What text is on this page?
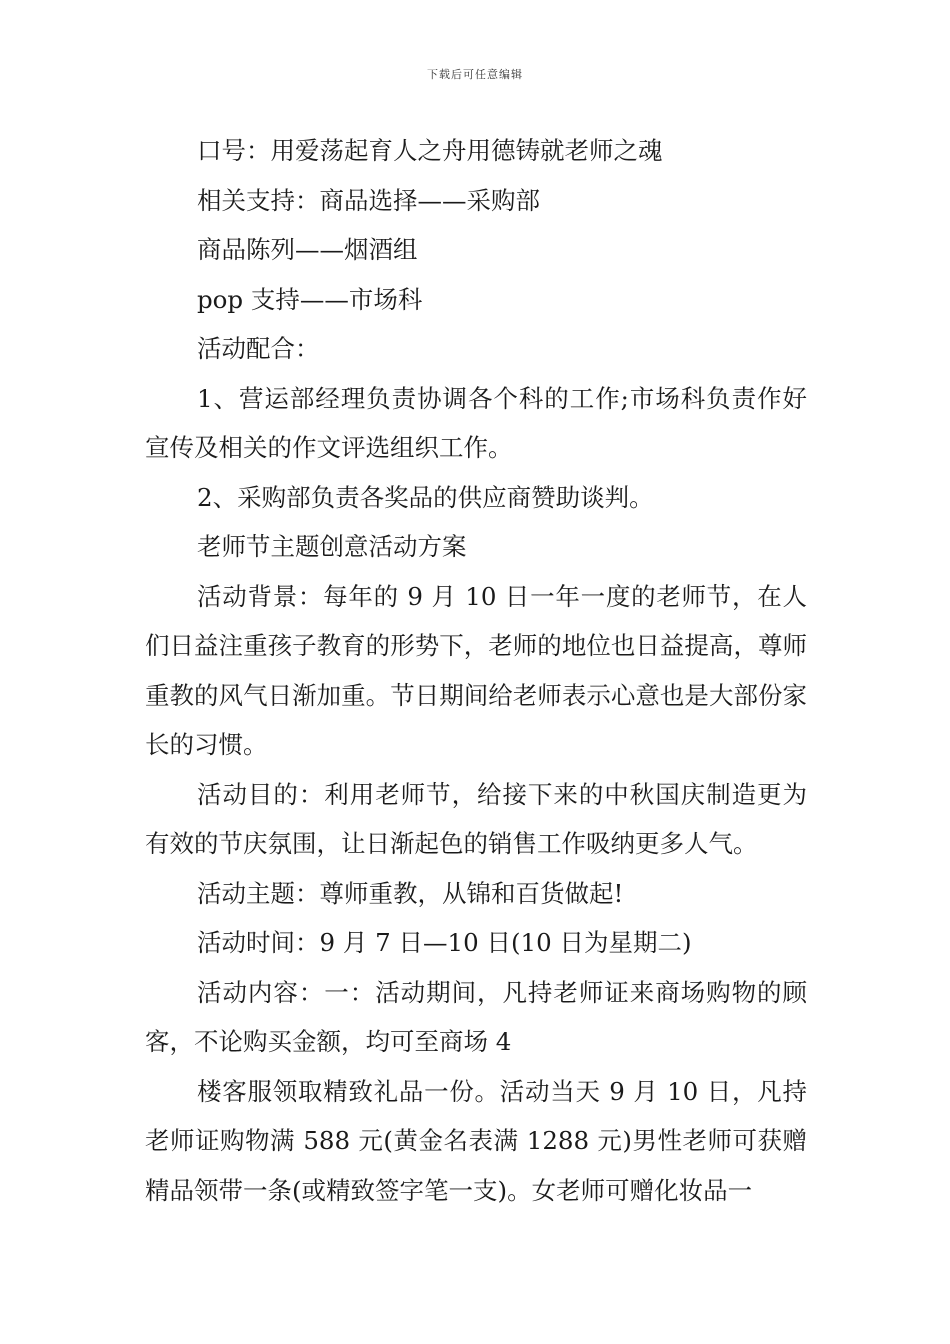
下载后可任意编辑

口号：用爱荡起育人之舟用德铸就老师之魂

相关支持：商品选择——采购部

商品陈列——烟酒组

pop 支持——市场科

活动配合：

1、营运部经理负责协调各个科的工作;市场科负责作好宣传及相关的作文评选组织工作。

2、采购部负责各奖品的供应商赞助谈判。

老师节主题创意活动方案

活动背景：每年的 9 月 10 日一年一度的老师节，在人们日益注重孩子教育的形势下，老师的地位也日益提高，尊师重教的风气日渐加重。节日期间给老师表示心意也是大部份家长的习惯。

活动目的：利用老师节，给接下来的中秋国庆制造更为有效的节庆氛围，让日渐起色的销售工作吸纳更多人气。

活动主题：尊师重教，从锦和百货做起!

活动时间：9 月 7 日—10 日(10 日为星期二)

活动内容：一：活动期间，凡持老师证来商场购物的顾客，不论购买金额，均可至商场 4

楼客服领取精致礼品一份。活动当天 9 月 10 日，凡持老师证购物满 588 元(黄金名表满 1288 元)男性老师可获赠精品领带一条(或精致签字笔一支)。女老师可赠化妆品一
